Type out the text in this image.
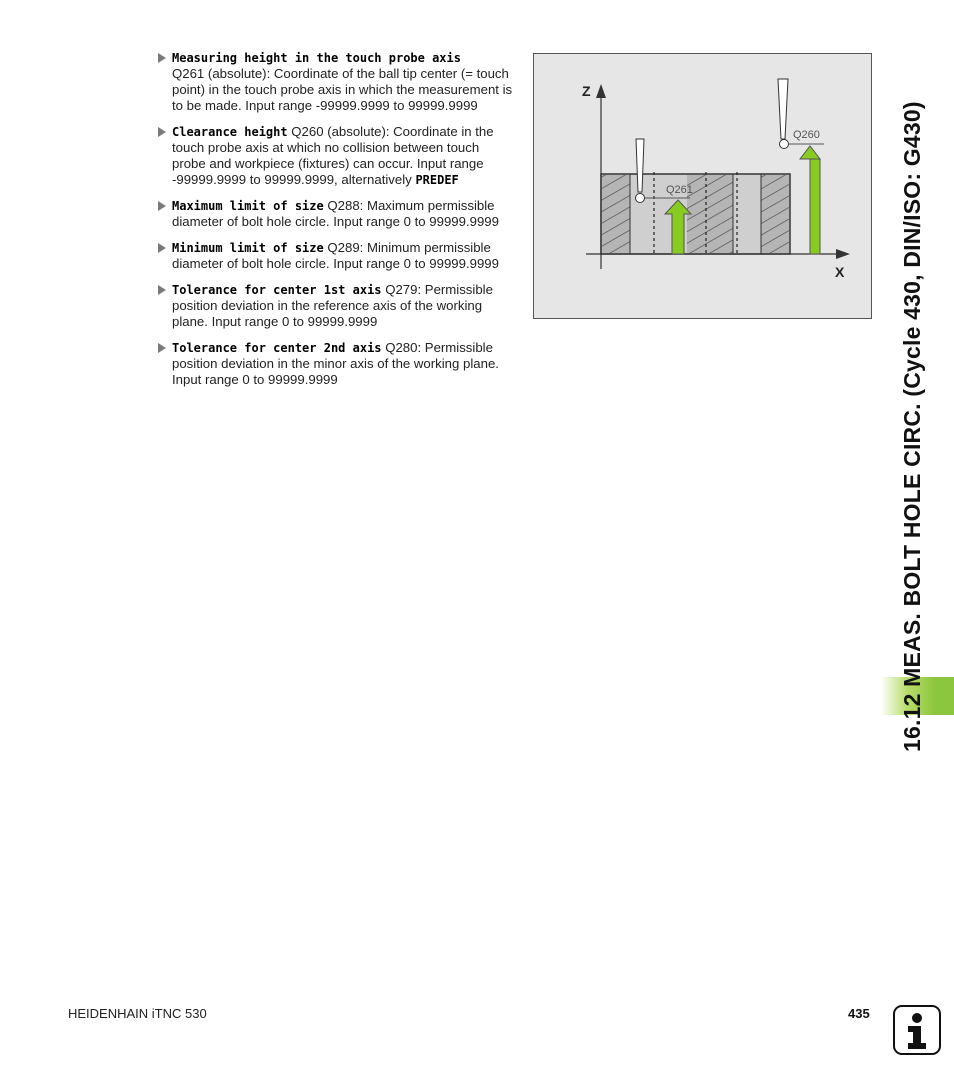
Measuring height in the touch probe axis
Q261 (absolute): Coordinate of the ball tip center (= touch point) in the touch probe axis in which the measurement is to be made. Input range -99999.9999 to 99999.9999
Clearance height Q260 (absolute): Coordinate in the touch probe axis at which no collision between touch probe and workpiece (fixtures) can occur. Input range -99999.9999 to 99999.9999, alternatively PREDEF
Maximum limit of size Q288: Maximum permissible diameter of bolt hole circle. Input range 0 to 99999.9999
Minimum limit of size Q289: Minimum permissible diameter of bolt hole circle. Input range 0 to 99999.9999
Tolerance for center 1st axis Q279: Permissible position deviation in the reference axis of the working plane. Input range 0 to 99999.9999
Tolerance for center 2nd axis Q280: Permissible position deviation in the minor axis of the working plane. Input range 0 to 99999.9999
Z
X
Q260
Q261	16.12 MEAS. BOLT HOLE CIRC. (Cycle 430, DIN/ISO: G430)
HEIDENHAIN iTNC 530	435
